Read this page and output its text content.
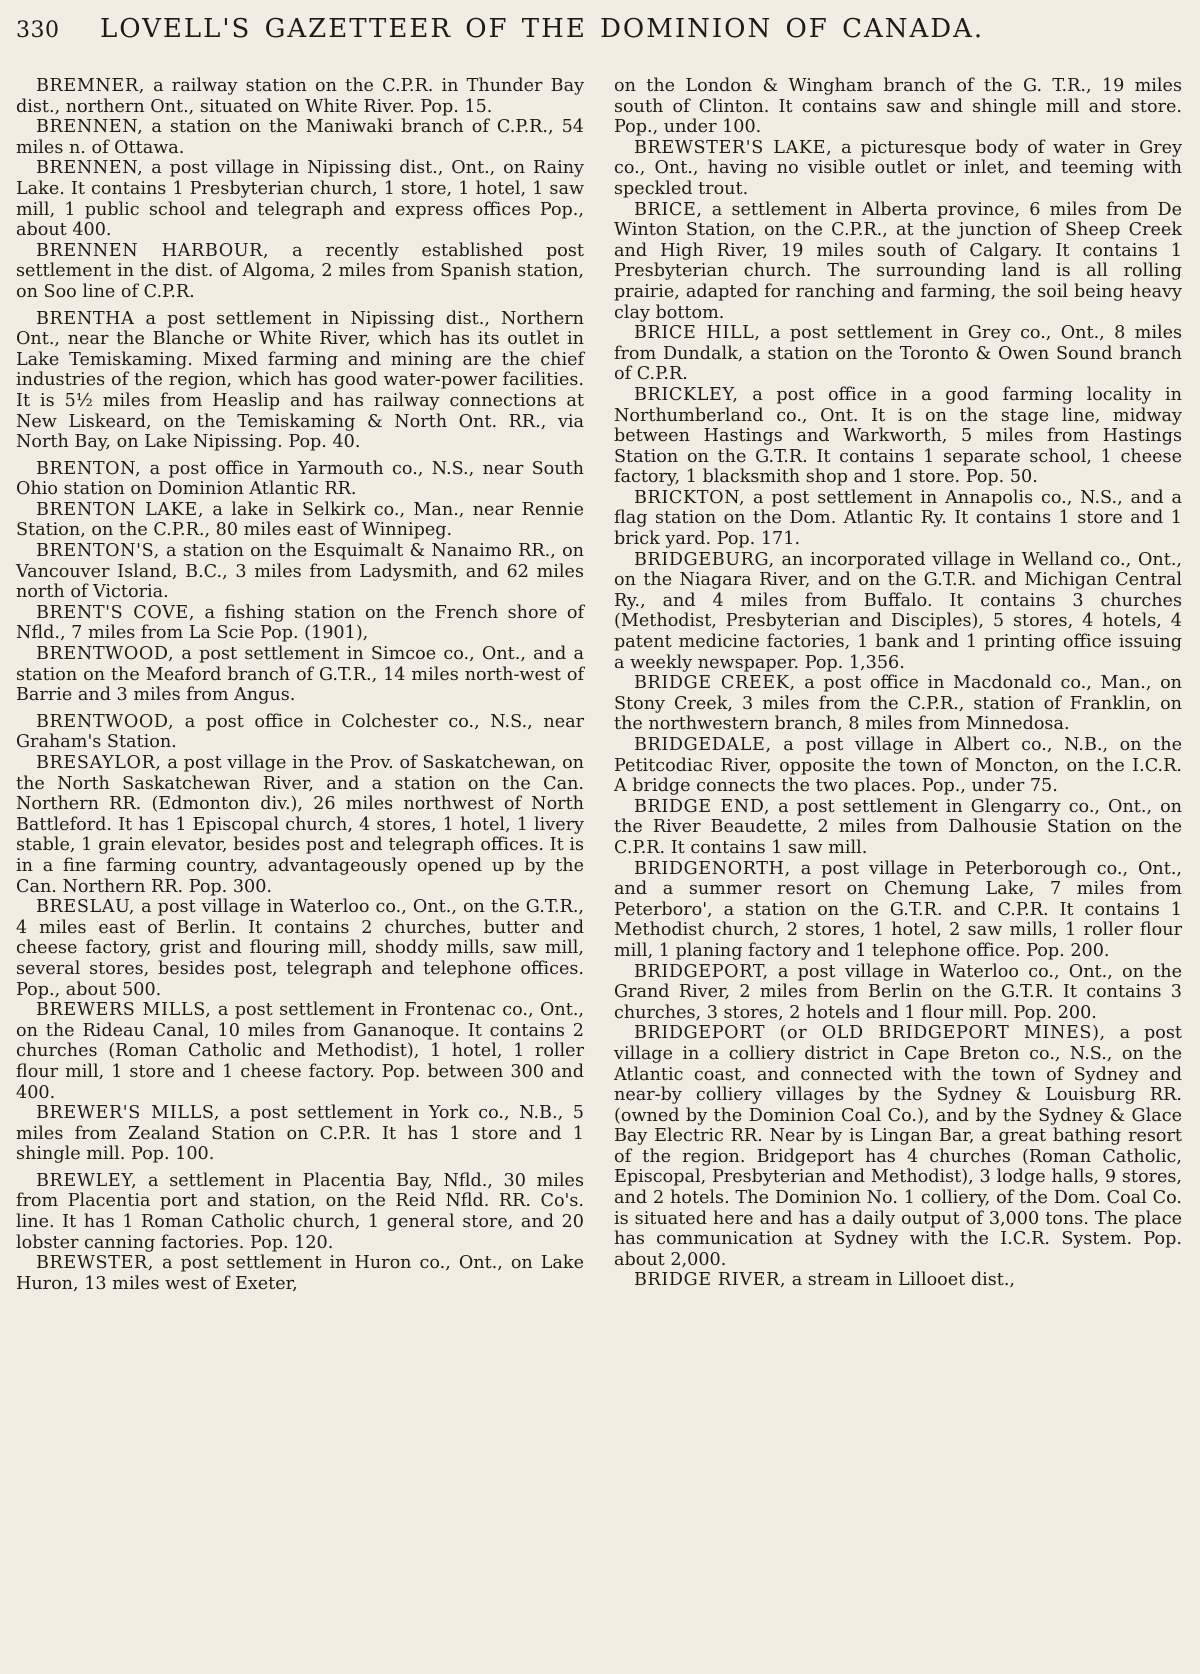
330	LOVELL'S GAZETTEER OF THE DOMINION OF CANADA.

BREMNER, a railway station on the C.P.R. in Thunder Bay dist., northern Ont., situated on White River. Pop. 15.

BRENNEN, a station on the Maniwaki branch of C.P.R., 54 miles n. of Ottawa.

BRENNEN, a post village in Nipissing dist., Ont., on Rainy Lake. It contains 1 Presbyterian church, 1 store, 1 hotel, 1 saw mill, 1 public school and telegraph and express offices Pop., about 400.

BRENNEN HARBOUR, a recently established post settlement in the dist. of Algoma, 2 miles from Spanish station, on Soo line of C.P.R.

BRENTHA a post settlement in Nipissing dist., Northern Ont., near the Blanche or White River, which has its outlet in Lake Temiskaming. Mixed farming and mining are the chief industries of the region, which has good water-power facilities. It is 5½ miles from Heaslip and has railway connections at New Liskeard, on the Temiskaming & North Ont. RR., via North Bay, on Lake Nipissing. Pop. 40.

BRENTON, a post office in Yarmouth co., N.S., near South Ohio station on Dominion Atlantic RR.

BRENTON LAKE, a lake in Selkirk co., Man., near Rennie Station, on the C.P.R., 80 miles east of Winnipeg.

BRENTON'S, a station on the Esquimalt & Nanaimo RR., on Vancouver Island, B.C., 3 miles from Ladysmith, and 62 miles north of Victoria.

BRENT'S COVE, a fishing station on the French shore of Nfld., 7 miles from La Scie Pop. (1901),

BRENTWOOD, a post settlement in Simcoe co., Ont., and a station on the Meaford branch of G.T.R., 14 miles north-west of Barrie and 3 miles from Angus.

BRENTWOOD, a post office in Colchester co., N.S., near Graham's Station.

BRESAYLOR, a post village in the Prov. of Saskatchewan, on the North Saskatchewan River, and a station on the Can. Northern RR. (Edmonton div.), 26 miles northwest of North Battleford. It has 1 Episcopal church, 4 stores, 1 hotel, 1 livery stable, 1 grain elevator, besides post and telegraph offices. It is in a fine farming country, advantageously opened up by the Can. Northern RR. Pop. 300.

BRESLAU, a post village in Waterloo co., Ont., on the G.T.R., 4 miles east of Berlin. It contains 2 churches, butter and cheese factory, grist and flouring mill, shoddy mills, saw mill, several stores, besides post, telegraph and telephone offices. Pop., about 500.

BREWERS MILLS, a post settlement in Frontenac co., Ont., on the Rideau Canal, 10 miles from Gananoque. It contains 2 churches (Roman Catholic and Methodist), 1 hotel, 1 roller flour mill, 1 store and 1 cheese factory. Pop. between 300 and 400.

BREWER'S MILLS, a post settlement in York co., N.B., 5 miles from Zealand Station on C.P.R. It has 1 store and 1 shingle mill. Pop. 100.

BREWLEY, a settlement in Placentia Bay, Nfld., 30 miles from Placentia port and station, on the Reid Nfld. RR. Co's. line. It has 1 Roman Catholic church, 1 general store, and 20 lobster canning factories. Pop. 120.

BREWSTER, a post settlement in Huron co., Ont., on Lake Huron, 13 miles west of Exeter,

on the London & Wingham branch of the G. T.R., 19 miles south of Clinton. It contains saw and shingle mill and store. Pop., under 100.

BREWSTER'S LAKE, a picturesque body of water in Grey co., Ont., having no visible outlet or inlet, and teeming with speckled trout.

BRICE, a settlement in Alberta province, 6 miles from De Winton Station, on the C.P.R., at the junction of Sheep Creek and High River, 19 miles south of Calgary. It contains 1 Presbyterian church. The surrounding land is all rolling prairie, adapted for ranching and farming, the soil being heavy clay bottom.

BRICE HILL, a post settlement in Grey co., Ont., 8 miles from Dundalk, a station on the Toronto & Owen Sound branch of C.P.R.

BRICKLEY, a post office in a good farming locality in Northumberland co., Ont. It is on the stage line, midway between Hastings and Warkworth, 5 miles from Hastings Station on the G.T.R. It contains 1 separate school, 1 cheese factory, 1 blacksmith shop and 1 store. Pop. 50.

BRICKTON, a post settlement in Annapolis co., N.S., and a flag station on the Dom. Atlantic Ry. It contains 1 store and 1 brick yard. Pop. 171.

BRIDGEBURG, an incorporated village in Welland co., Ont., on the Niagara River, and on the G.T.R. and Michigan Central Ry., and 4 miles from Buffalo. It contains 3 churches (Methodist, Presbyterian and Disciples), 5 stores, 4 hotels, 4 patent medicine factories, 1 bank and 1 printing office issuing a weekly newspaper. Pop. 1,356.

BRIDGE CREEK, a post office in Macdonald co., Man., on Stony Creek, 3 miles from the C.P.R., station of Franklin, on the northwestern branch, 8 miles from Minnedosa.

BRIDGEDALE, a post village in Albert co., N.B., on the Petitcodiac River, opposite the town of Moncton, on the I.C.R. A bridge connects the two places. Pop., under 75.

BRIDGE END, a post settlement in Glengarry co., Ont., on the River Beaudette, 2 miles from Dalhousie Station on the C.P.R. It contains 1 saw mill.

BRIDGENORTH, a post village in Peterborough co., Ont., and a summer resort on Chemung Lake, 7 miles from Peterboro', a station on the G.T.R. and C.P.R. It contains 1 Methodist church, 2 stores, 1 hotel, 2 saw mills, 1 roller flour mill, 1 planing factory and 1 telephone office. Pop. 200.

BRIDGEPORT, a post village in Waterloo co., Ont., on the Grand River, 2 miles from Berlin on the G.T.R. It contains 3 churches, 3 stores, 2 hotels and 1 flour mill. Pop. 200.

BRIDGEPORT (or OLD BRIDGEPORT MINES), a post village in a colliery district in Cape Breton co., N.S., on the Atlantic coast, and connected with the town of Sydney and near-by colliery villages by the Sydney & Louisburg RR. (owned by the Dominion Coal Co.), and by the Sydney & Glace Bay Electric RR. Near by is Lingan Bar, a great bathing resort of the region. Bridgeport has 4 churches (Roman Catholic, Episcopal, Presbyterian and Methodist), 3 lodge halls, 9 stores, and 2 hotels. The Dominion No. 1 colliery, of the Dom. Coal Co. is situated here and has a daily output of 3,000 tons. The place has communication at Sydney with the I.C.R. System. Pop. about 2,000.

BRIDGE RIVER, a stream in Lillooet dist.,
